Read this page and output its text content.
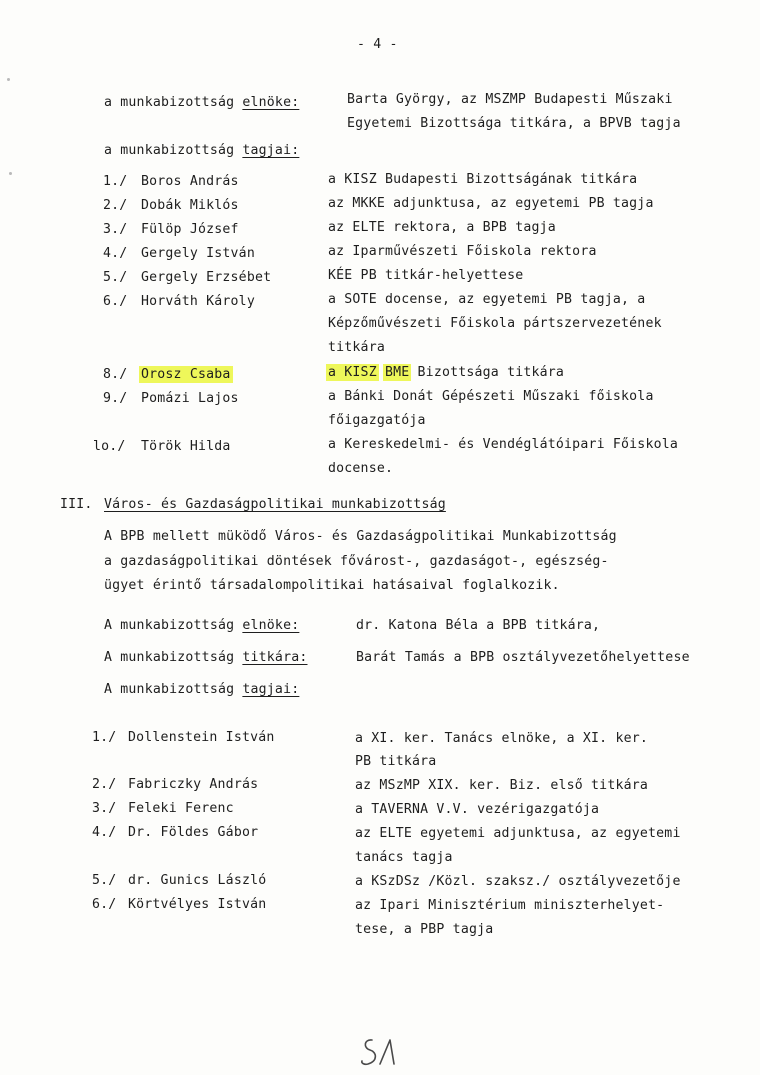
- 4 -
a munkabizottság elnöke:	Barta György, az MSZMP Budapesti Műszaki
Egyetemi Bizottsága titkára, a BPVB tagja
a munkabizottság tagjai:
1./ Boros András	a KISZ Budapesti Bizottságának titkára
2./ Dobák Miklós	az MKKE adjunktusa, az egyetemi PB tagja
3./ Fülöp József	az ELTE rektora, a BPB tagja
4./ Gergely István	az Iparművészeti Főiskola rektora
5./ Gergely Erzsébet	KÉE PB titkár-helyettese
6./ Horváth Károly	a SOTE docense, az egyetemi PB tagja, a
Képzőművészeti Főiskola pártszervezetének
titkára
8./ Orosz Csaba	a KISZ BME Bizottsága titkára
9./ Pomázi Lajos	a Bánki Donát Gépészeti Műszaki főiskola
főigazgatója
lo./ Török Hilda	a Kereskedelmi- és Vendéglátóipari Főiskola
docense.
III. Város- és Gazdaságpolitikai munkabizottság
A BPB mellett müködő Város- és Gazdaságpolitikai Munkabizottság
a gazdaságpolitikai döntések fővárost-, gazdaságot-, egészség-
ügyet érintő társadalompolitikai hatásaival foglalkozik.
A munkabizottság elnöke:	dr. Katona Béla a BPB titkára,
A munkabizottság titkára:	Barát Tamás a BPB osztályvezetőhelyettese
A munkabizottság tagjai:
1./ Dollenstein István	a XI. ker. Tanács elnöke, a XI. ker.
PB titkára
2./ Fabriczky András	az MSzMP XIX. ker. Biz. első titkára
3./ Feleki Ferenc	a TAVERNA V.V. vezérigazgatója
4./ Dr. Földes Gábor	az ELTE egyetemi adjunktusa, az egyetemi
tanács tagja
5./ dr. Gunics László	a KSzDSz /Közl. szaksz./ osztályvezetője
6./ Körtvélyes István	az Ipari Minisztérium miniszterhelyet-
tese, a PBP tagja
